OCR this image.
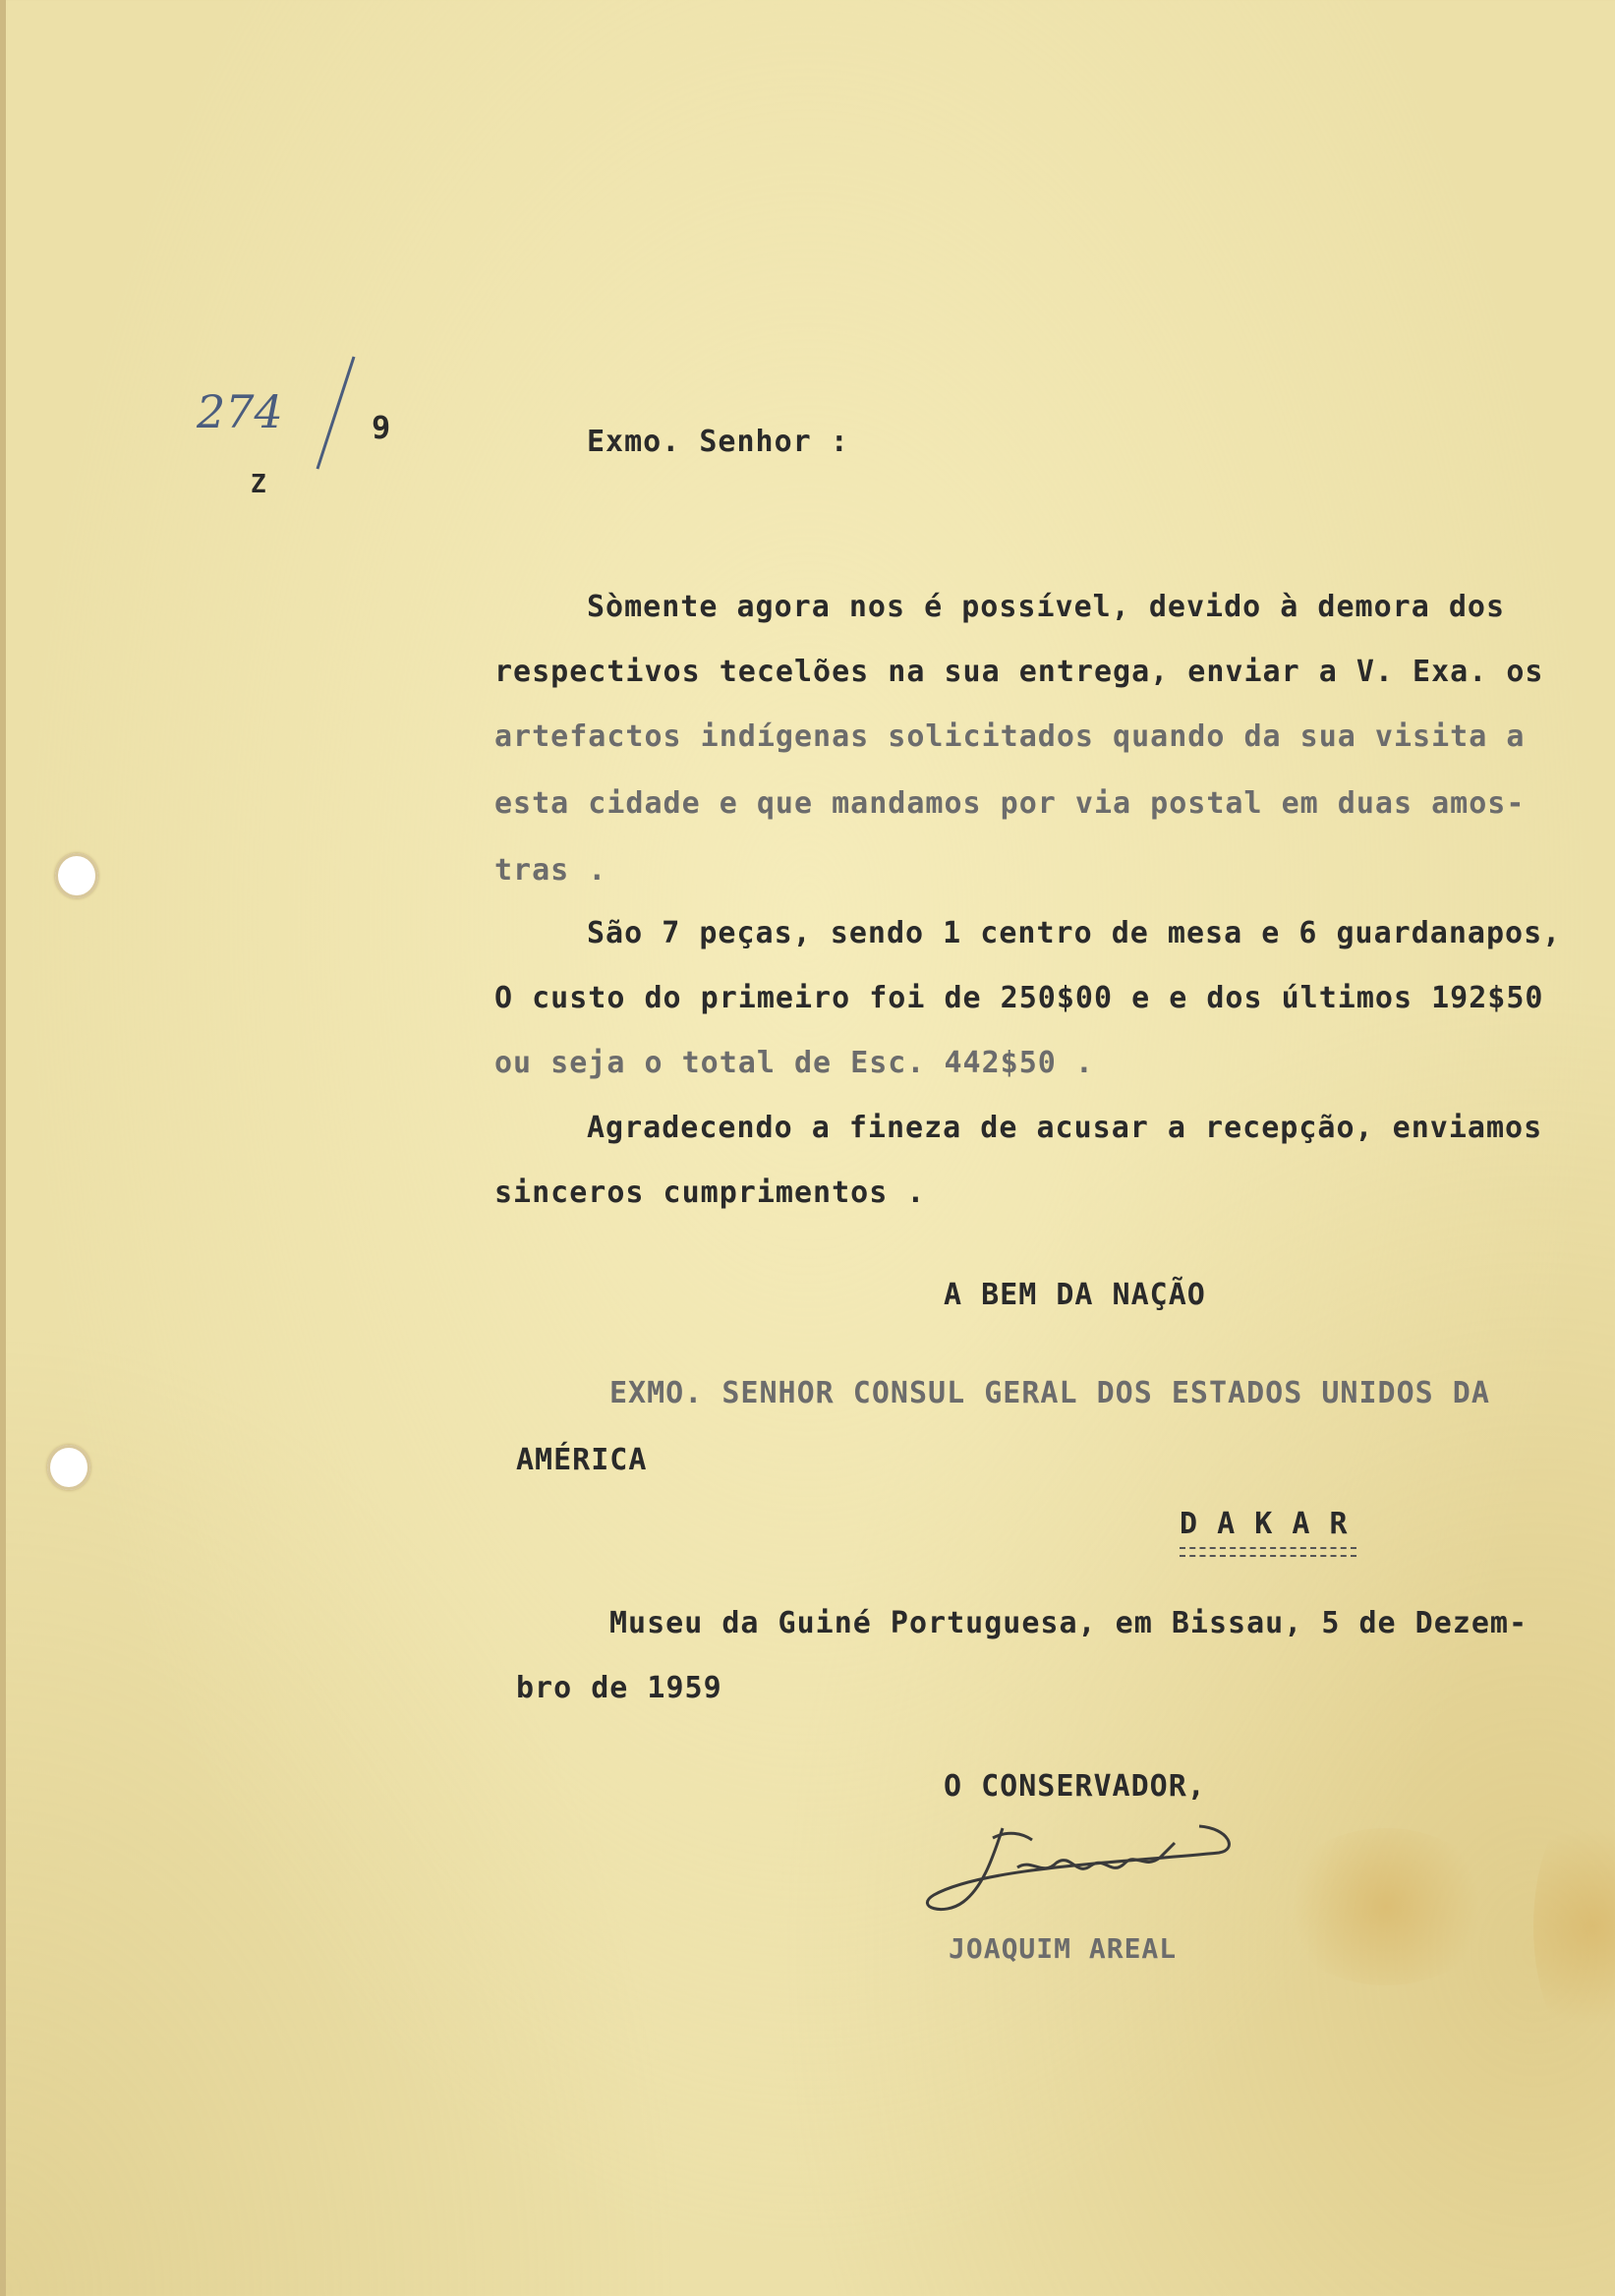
274	9
Z

Exmo. Senhor :

Sòmente agora nos é possível, devido à demora dos

respectivos tecelões na sua entrega, enviar a V. Exa. os

artefactos indígenas solicitados quando da sua visita a

esta cidade e que mandamos por via postal em duas amos-

tras .

São 7 peças, sendo 1 centro de mesa e 6 guardanapos,

O custo do primeiro foi de 250$00 e e dos últimos 192$50

ou seja o total de Esc. 442$50 .

Agradecendo a fineza de acusar a recepção, enviamos

sinceros cumprimentos .

A BEM DA NAÇÃO

EXMO. SENHOR CONSUL GERAL DOS ESTADOS UNIDOS DA

AMÉRICA

D A K A R

Museu da Guiné Portuguesa, em Bissau, 5 de Dezem-

bro de 1959

O CONSERVADOR,

JOAQUIM AREAL
